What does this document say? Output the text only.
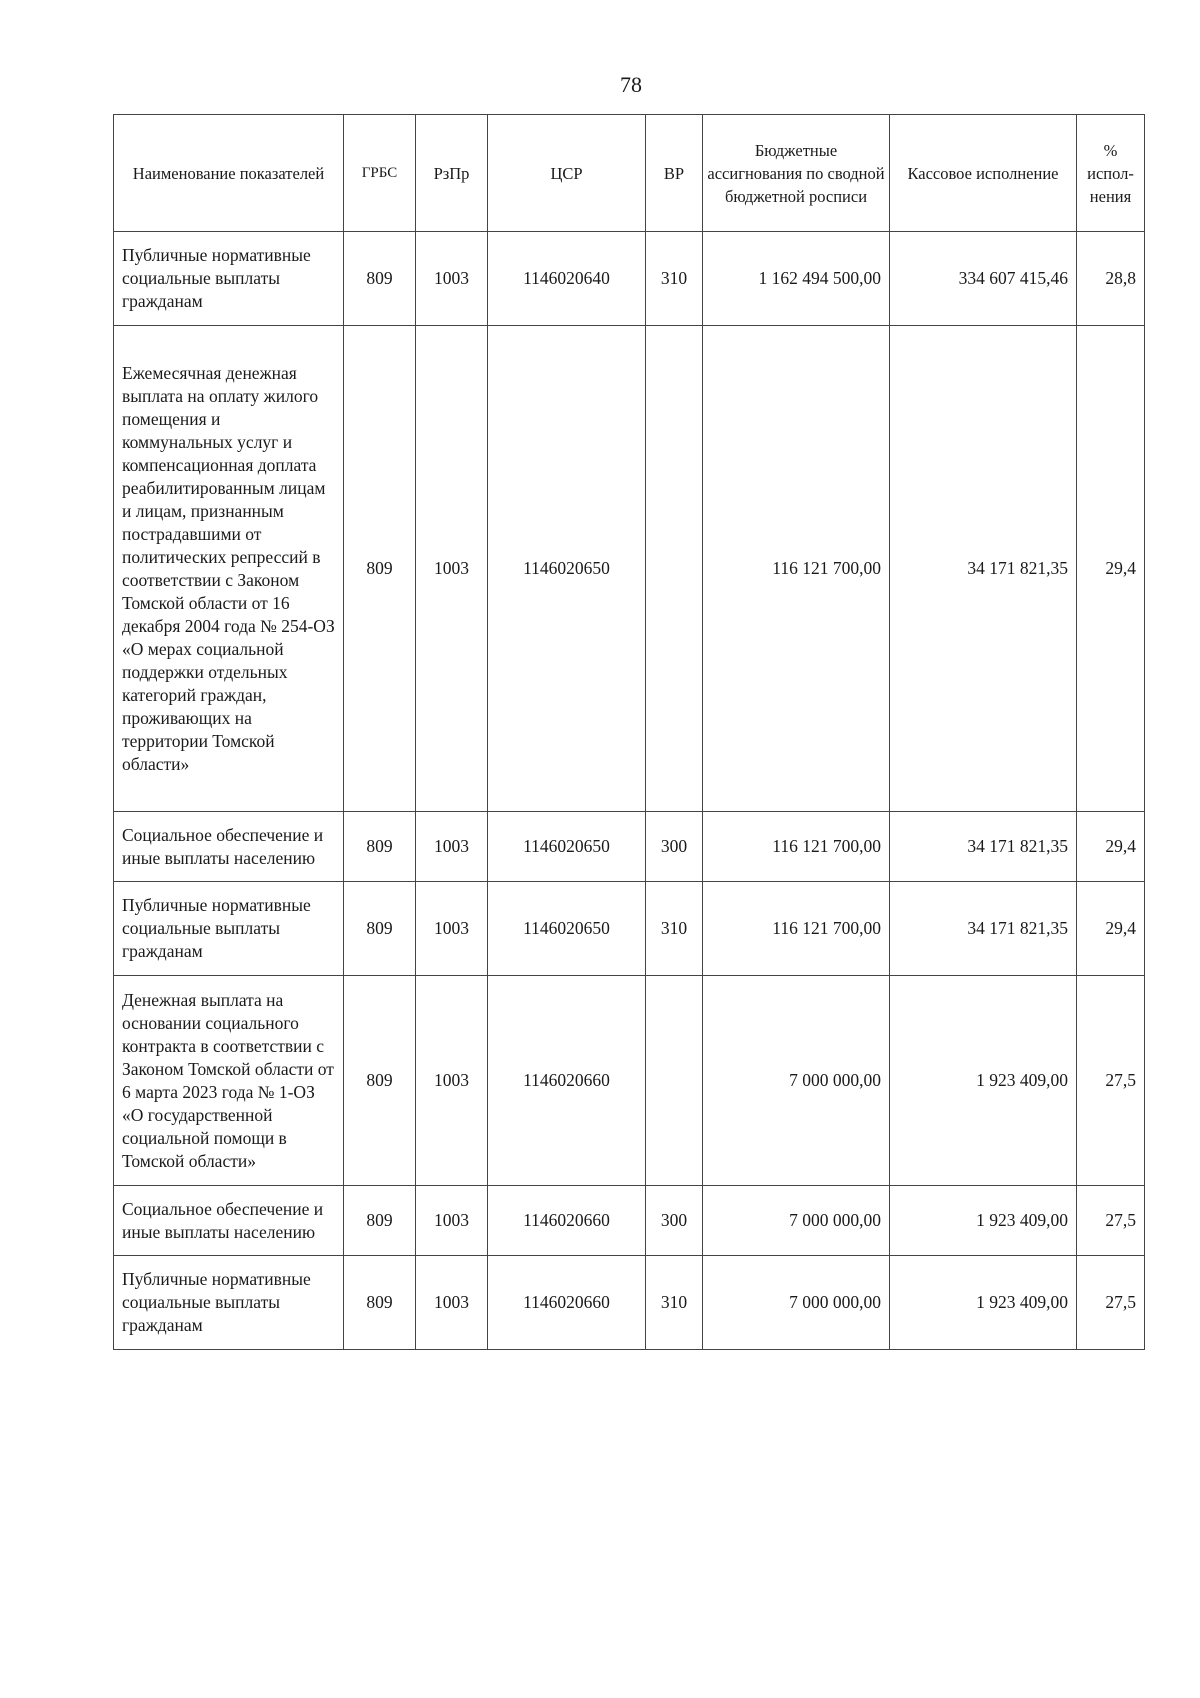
78
Наименование показателей	ГРБС	РзПр	ЦСР	ВР	Бюджетные ассигнования по сводной бюджетной росписи	Кассовое исполнение	% испол-нения
Публичные нормативные социальные выплаты гражданам	809	1003	1146020640	310	1 162 494 500,00	334 607 415,46	28,8
Ежемесячная денежная выплата на оплату жилого помещения и коммунальных услуг и компенсационная доплата реабилитированным лицам и лицам, признанным пострадавшими от политических репрессий в соответствии с Законом Томской области от 16 декабря 2004 года № 254-ОЗ «О мерах социальной поддержки отдельных категорий граждан, проживающих на территории Томской области»	809	1003	1146020650		116 121 700,00	34 171 821,35	29,4
Социальное обеспечение и иные выплаты населению	809	1003	1146020650	300	116 121 700,00	34 171 821,35	29,4
Публичные нормативные социальные выплаты гражданам	809	1003	1146020650	310	116 121 700,00	34 171 821,35	29,4
Денежная выплата на основании социального контракта в соответствии с Законом Томской области от 6 марта 2023 года № 1-ОЗ «О государственной социальной помощи в Томской области»	809	1003	1146020660		7 000 000,00	1 923 409,00	27,5
Социальное обеспечение и иные выплаты населению	809	1003	1146020660	300	7 000 000,00	1 923 409,00	27,5
Публичные нормативные социальные выплаты гражданам	809	1003	1146020660	310	7 000 000,00	1 923 409,00	27,5
